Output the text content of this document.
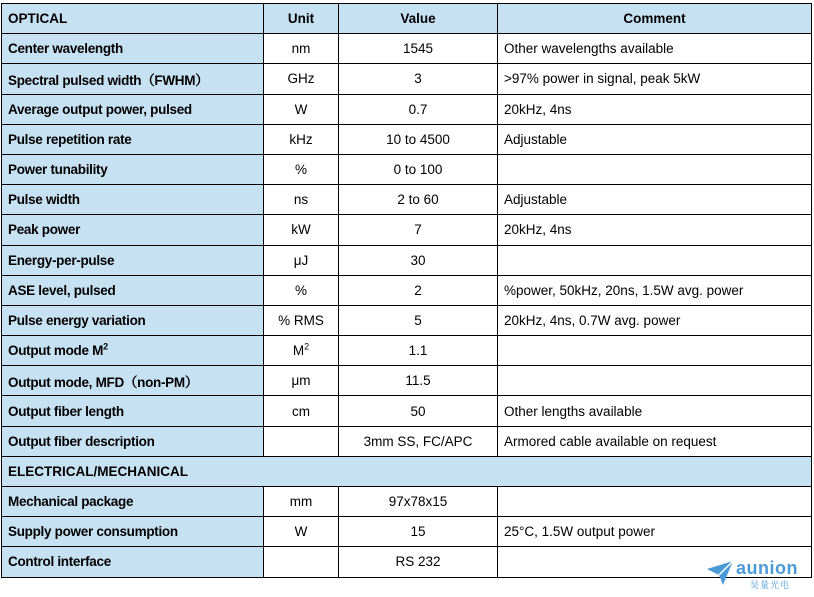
OPTICAL	Unit	Value	Comment
Center wavelength	nm	1545	Other wavelengths available
Spectral pulsed width（FWHM）	GHz	3	>97% power in signal, peak 5kW
Average output power, pulsed	W	0.7	20kHz, 4ns
Pulse repetition rate	kHz	10 to 4500	Adjustable
Power tunability	%	0 to 100	
Pulse width	ns	2 to 60	Adjustable
Peak power	kW	7	20kHz, 4ns
Energy-per-pulse	μJ	30	
ASE level, pulsed	%	2	%power, 50kHz, 20ns, 1.5W avg. power
Pulse energy variation	% RMS	5	20kHz, 4ns, 0.7W avg. power
Output mode $M^2$	$M^2$	1.1	
Output mode, MFD（non-PM）	μm	11.5	
Output fiber length	cm	50	Other lengths available
Output fiber description		3mm SS, FC/APC	Armored cable available on request
ELECTRICAL/MECHANICAL			
Mechanical package	mm	97x78x15	
Supply power consumption	W	15	25°C, 1.5W output power
Control interface		RS 232		aunion
昊量光电
